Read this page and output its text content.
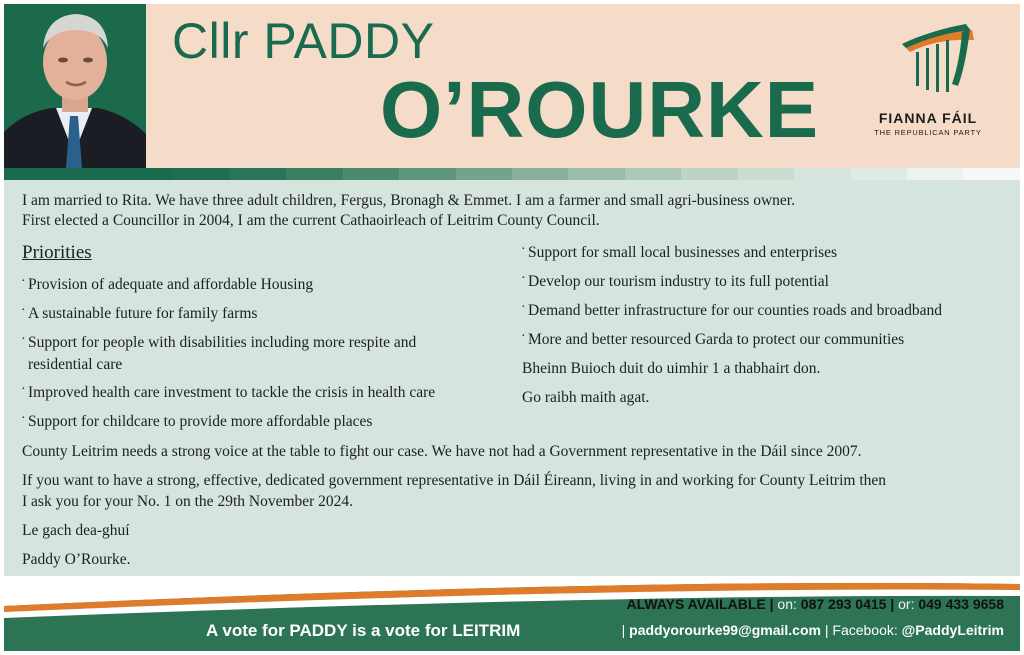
Cllr PADDY
O’ROURKE	FIANNA FÁIL
THE REPUBLICAN PARTY
I am married to Rita. We have three adult children, Fergus, Bronagh & Emmet. I am a farmer and small agri-business owner.
First elected a Councillor in 2004, I am the current Cathaoirleach of Leitrim County Council.
Priorities
· Provision of adequate and affordable Housing
· A sustainable future for family farms
· Support for people with disabilities including more respite and
residential care
· Improved health care investment to tackle the crisis in health care
· Support for childcare to provide more affordable places
· Support for small local businesses and enterprises
· Develop our tourism industry to its full potential
· Demand better infrastructure for our counties roads and broadband
· More and better resourced Garda to protect our communities
Bheinn Buioch duit do uimhir 1 a thabhairt don.
Go raibh maith agat.
County Leitrim needs a strong voice at the table to fight our case. We have not had a Government representative in the Dáil since 2007.
If you want to have a strong, effective, dedicated government representative in Dáil Éireann, living in and working for County Leitrim then
I ask you for your No. 1 on the 29th November 2024.
Le gach dea-ghuí
Paddy O’Rourke.
A vote for PADDY is a vote for LEITRIM
ALWAYS AVAILABLE | on: 087 293 0415 | or: 049 433 9658
| paddyorourke99@gmail.com | Facebook: @PaddyLeitrim
